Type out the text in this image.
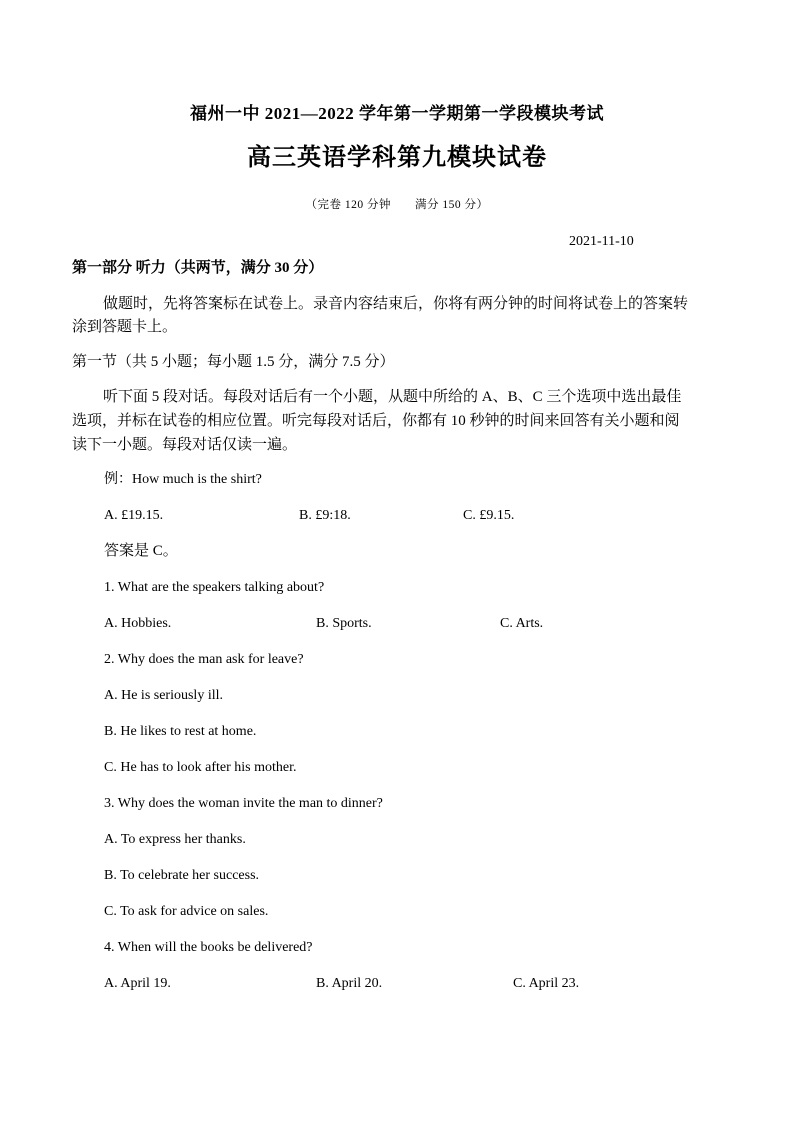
福州一中 2021—2022 学年第一学期第一学段模块考试
高三英语学科第九模块试卷
（完卷 120 分钟　　满分 150 分）
2021-11-10
第一部分 听力（共两节，满分 30 分）
做题时，先将答案标在试卷上。录音内容结束后，你将有两分钟的时间将试卷上的答案转
涂到答题卡上。
第一节（共 5 小题；每小题 1.5 分，满分 7.5 分）
听下面 5 段对话。每段对话后有一个小题，从题中所给的 A、B、C 三个选项中选出最佳
选项，并标在试卷的相应位置。听完每段对话后，你都有 10 秒钟的时间来回答有关小题和阅
读下一小题。每段对话仅读一遍。
例：How much is the shirt?
A. £19.15.	B. £9:18.	C. £9.15.
答案是 C。
1. What are the speakers talking about?
A. Hobbies.	B. Sports.	C. Arts.
2. Why does the man ask for leave?
A. He is seriously ill.
B. He likes to rest at home.
C. He has to look after his mother.
3. Why does the woman invite the man to dinner?
A. To express her thanks.
B. To celebrate her success.
C. To ask for advice on sales.
4. When will the books be delivered?
A. April 19.	B. April 20.	C. April 23.
